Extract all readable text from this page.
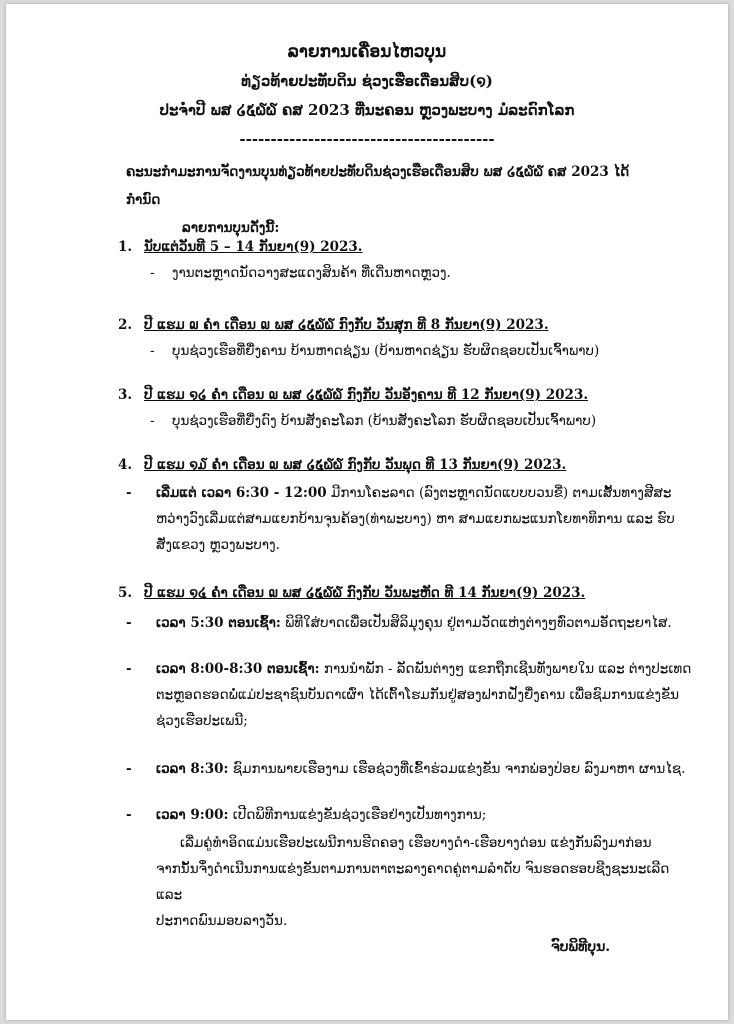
ລາຍການເຄື່ອນໄຫວບຸນ
ທ່ຽວທ້າຍປະທັບດິນ ຊ່ວງເຮືອເດືອນສິບ(໑)
ປະຈຳປີ ພສ ໒໕໖໖ ຄສ 2023 ທີ່ນະຄອນ ຫຼວງພະບາງ ມໍລະດົກໂລກ
-----------------------------------------
ຄະນະກຳມະການຈັດງານບຸນທ່ຽວທ້າຍປະທັບດິນຊ່ວງເຮືອເດືອນສິບ ພສ ໒໕໖໖ ຄສ 2023 ໄດ້ກຳນົດ
ລາຍການບຸນດັ່ງນີ້:
1. ນັບແຕ່ວັນທີ 5 – 14 ກັນຍາ(9) 2023.
- ງານຕະຫຼາດນັດວາງສະແດງສິນຄ້າ ທີ່ເດີ່ນຫາດຫຼວງ.
2. ປີ ແຮມ ໙ ຄ່ຳ ເດືອນ ໙ ພສ ໒໕໖໖ ກົງກັບ ວັນສຸກ ທີ 8 ກັນຍາ(9) 2023.
- ບຸນຊ່ວງເຮືອທີ່ຍື່ງຄານ ບ້ານຫາດຊ່ຽນ (ບ້ານຫາດຊ່ຽນ ຮັບຜິດຊອບເປັນເຈົ້າພາບ)
3. ປີ ແຮມ ໑໒ ຄ່ຳ ເດືອນ ໙ ພສ ໒໕໖໖ ກົງກັບ ວັນອັງຄານ ທີ 12 ກັນຍາ(9) 2023.
- ບຸນຊ່ວງເຮືອທີ່ຍື່ງດົງ ບ້ານສັງຄະໂລກ (ບ້ານສັງຄະໂລກ ຮັບຜິດຊອບເປັນເຈົ້າພາບ)
4. ປີ ແຮມ ໑໓ ຄ່ຳ ເດືອນ ໙ ພສ ໒໕໖໖ ກົງກັບ ວັນພຸດ ທີ 13 ກັນຍາ(9) 2023.
-	ເລີ່ມແຕ່ ເວລາ 6:30 - 12:00 ມີການໂຄະລາດ (ລົງຕະຫຼາດນັດແບບບວນຂີ່) ຕາມເສັ້ນທາງສີສະ
ຫວ່າງວົງເລີ່ມແຕ່ສາມແຍກບ້ານຈຸນຄ້ອງ(ທ່າພະບາງ) ຫາ ສາມແຍກພະແນກໂຍທາທິການ ແລະ ຮົບ
ສັ່ງແຂວງ ຫຼວງພະບາງ.
5. ປີ ແຮມ ໑໔ ຄ່ຳ ເດືອນ ໙ ພສ ໒໕໖໖ ກົງກັບ ວັນພະຫັດ ທີ 14 ກັນຍາ(9) 2023.
-	ເວລາ 5:30 ຕອນເຊົ້າ: ພິທີໃສ່ບາດເພື່ອເປັນສິລິມຸງຄຸນ ຢູ່ຕາມວັດແຫ່ງຕ່າງໆທົ່ວຕາມອັດຖະຍາໄສ.
-	ເວລາ 8:00-8:30 ຕອນເຊົ້າ: ການນຳພັກ - ລັດພັນຕ່າງໆ ແຂກຖືກເຊີນທັງພາຍໃນ ແລະ ຕ່າງປະເທດ
ຕະຫຼອດຮອດພໍ່ແມ່ປະຊາຊົນບັນດາເຜົ່າ ໄດ້ເຕົ້າໂຮມກັນຢູ່ສອງຟາກຝັ່ງຍື່ງຄານ ເພື່ອຊົມການແຂ່ງຂັນ
ຊ່ວງເຮືອປະເພນີ;
-	ເວລາ 8:30: ຊົມການພາຍເຮືອງາມ ເຮືອຊ່ວງທີ່ເຂົ້າຮ່ວມແຂ່ງຂັນ ຈາກພ່ອງປ່ອຍ ລົງມາຫາ ຜານໄຊ.
-	ເວລາ 9:00: ເປີດພິທີການແຂ່ງຂັນຊ່ວງເຮືອຢ່າງເປັນທາງການ;
ເລີ່ມຄູ່ທຳອິດແມ່ນເຮືອປະເພນີການຮີດຄອງ ເຮືອບາງດຳ-ເຮືອບາງດ່ອນ ແຂ່ງກັນລົງມາກ່ອນ
ຈາກນັ້ນຈຶ່ງດຳເນີນການແຂ່ງຂັນຕາມການຕາຕະລາງຄາດຄູ່ຕາມລຳດັບ ຈົນຮອດຮອບຊີງຊະນະເລີດ ແລະ
ປະກາດພົນມອບລາງວັນ.
ຈົບພິທີບຸນ.
